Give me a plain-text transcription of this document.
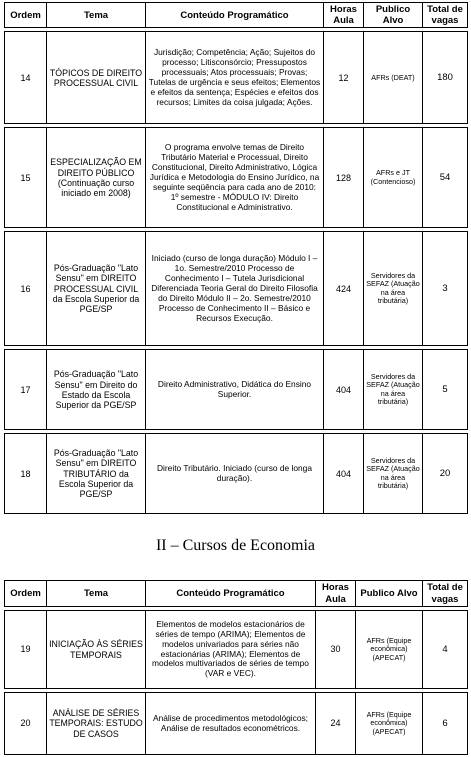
Ordem	Tema	Conteúdo Programático	Horas Aula	Publico Alvo	Total de vagas

14	TÓPICOS DE DIREITO PROCESSUAL CIVIL	Jurisdição; Competência; Ação; Sujeitos do processo; Litisconsórcio; Pressupostos processuais; Atos processuais; Provas; Tutelas de urgência e seus efeitos; Elementos e efeitos da sentença; Espécies e efeitos dos recursos; Limites da coisa julgada; Ações.	12	AFRs (DEAT)	180

15	ESPECIALIZAÇÃO EM DIREITO PÚBLICO (Continuação curso iniciado em 2008)	O programa envolve temas de Direito Tributário Material e Processual, Direito Constitucional, Direito Administrativo, Lógica Jurídica e Metodologia do Ensino Jurídico, na seguinte seqüência para cada ano de 2010: 1º semestre - MÓDULO IV: Direito Constitucional e Administrativo.	128	AFRs e JT (Contencioso)	54

16	Pós-Graduação "Lato Sensu" em DIREITO PROCESSUAL CIVIL da Escola Superior da PGE/SP	Iniciado (curso de longa duração) Módulo I – 1o. Semestre/2010 Processo de Conhecimento I – Tutela Jurisdicional Diferenciada Teoria Geral do Direito Filosofia do Direito Módulo II – 2o. Semestre/2010 Processo de Conhecimento II – Básico e Recursos Execução.	424	Servidores da SEFAZ (Atuação na área tributária)	3

17	Pós-Graduação "Lato Sensu" em Direito do Estado da Escola Superior da PGE/SP	Direito Administrativo, Didática do Ensino Superior.	404	Servidores da SEFAZ (Atuação na área tributária)	5

18	Pós-Graduação "Lato Sensu" em DIREITO TRIBUTÁRIO da Escola Superior da PGE/SP	Direito Tributário. Iniciado (curso de longa duração).	404	Servidores da SEFAZ (Atuação na área tributária)	20
II – Cursos de Economia
Ordem	Tema	Conteúdo Programático	Horas Aula	Publico Alvo	Total de vagas

19	INICIAÇÃO ÀS SÉRIES TEMPORAIS	Elementos de modelos estacionários de séries de tempo (ARIMA); Elementos de modelos univariados para séries não estacionárias (ARIMA); Elementos de modelos multivariados de séries de tempo (VAR e VEC).	30	AFRs (Equipe econômica) (APECAT)	4

20	ANÁLISE DE SÉRIES TEMPORAIS: ESTUDO DE CASOS	Análise de procedimentos metodológicos; Análise de resultados econométricos.	24	AFRs (Equipe econômica) (APECAT)	6
